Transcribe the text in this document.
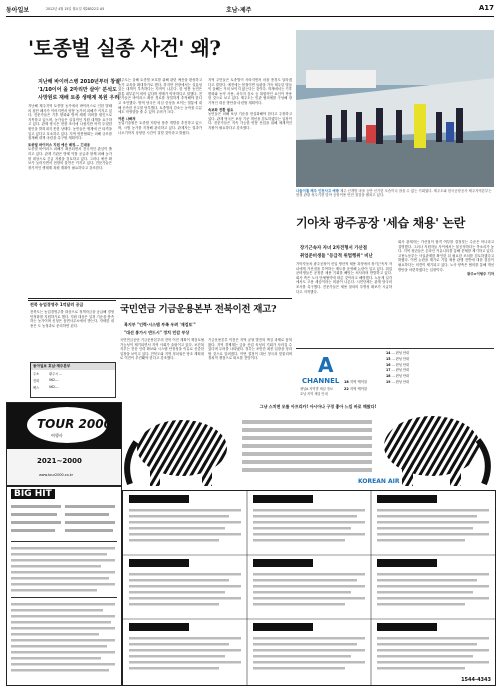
동아일보	2012년 4월 15일 월요일 제28522호 A5	호남·제주	A17
'토종벌 실종 사건' 왜?
지난해 바이러스병 2010년부터 창궐
'1/10이어 올 2마리만 살아' 분석도
사망원로 재배 토종 생태계 복원 우려

지난해 제주지역 토종벌 농가에서 바이러스로 인한 벌떼의 집단 폐사가 이어지면서 양봉 농가의 피해가 커지고 있다. 전문가들은 기후 변화와 방역 체계 미비를 원인으로 지목하고 있으며, 농가들은 실질적인 지원 대책을 요구하고 있다. 관계 당국은 현장 조사에 나섰지만 아직 뚜렷한 원인을 밝혀내지 못한 상태다. 농민들은 생계에 큰 타격을 입고 있다고 호소하고 있다. 지역 양봉협회는 피해 규모를 집계해 대책 마련을 촉구할 계획이다.

토종벌 바이러스 지원 예산 배정... 긴대응

토종벌 바이러스 피해가 확산되면서 전국적인 관심이 쏠리고 있다. 관계 기관은 방제 약품 공급과 함께 피해 농가를 대상으로 긴급 지원을 검토하고 있다. 그러나 예산 확보가 늦어지면서 현장의 불만은 커지고 있다. 전문가들은 장기적인 생태계 복원 계획이 필요하다고 강조한다.

제주도는 올해 토종벌 보호를 위해 관련 예산을 편성하고 농가 교육을 확대하기로 했다. 하지만 현장에서는 실효성 있는 대책이 부족하다는 지적이 나온다. 한 양봉 농민은 벌통 대부분이 비어 있다며 생계가 막막하다고 말했다. 전문가들은 바이러스 확산 경로를 정밀하게 추적해야 한다고 조언했다. 방역 당국은 의심 증상을 보이는 벌통에 대해 신속한 신고를 당부했다. 토종벌의 감소는 농작물 수분에도 악영향을 줄 수 있어 우려가 크다.

여론 나빠져

농업기술원은 토종벌 저항성 품종 개발을 추진하고 있으며, 시범 농가를 지정해 관리하고 있다. 관계자는 결과가 나오기까지 상당한 시간이 걸릴 것이라고 밝혔다.

지역 주민들은 토종벌이 사라지면서 마을 풍경도 달라졌다고 말한다. 예전에는 봄철이면 들판을 가득 채우던 벌들이 올해는 거의 보이지 않는다는 것이다. 학계에서는 기후 변화와 농약 사용, 서식지 감소 등 복합적인 요인이 작용한 것으로 보고 있다. 제주도는 민관 협의체를 구성해 장기적인 대응 방안을 마련할 계획이다.

속보화 전환 필요

농민들은 피해 보상 기준을 현실화해야 한다고 주장하고 있다. 관계 당국은 보상 기준 개선을 검토하겠다는 입장이다. 전문가들은 지속 가능한 양봉 산업을 위해 체계적인 지원이 필요하다고 강조했다.

나들이철 제주 인천사고 예방 제주 신개발 마을 등반 신기한 모습이나 참을 수 없는 기회였다. 제주도와 한국공항공사 제주지역본부는 봄철 관광 성수기를 맞아 공항이용 안전 점검을 펼치고 있다.
기아차 광주공장 '세습 채용' 논란
장기근속자 자녀 2차전형서 가산점
취업준비생들 "등급적 위법행위" 비난

기아자동차 광주공장이 신입 생산직 채용 과정에서 장기근속자 자녀에게 가산점을 부여하는 제도를 운영해 논란이 일고 있다. 취업준비생들은 공정한 채용 기회를 빼앗는 처사라며 반발하고 있다. 회사 측은 노사 단체협약에 따른 것이라고 해명했다. 노동계 일각에서도 고용 세습이라는 비판이 나온다. 시민단체는 관계 당국의 조사를 촉구했다. 전문가들은 채용 절차의 투명성 확보가 시급하다고 지적했다.

회사 관계자는 가산점이 합격 여부를 결정짓는 수준은 아니라고 설명했다. 그러나 지원자들 사이에서는 불공정하다는 목소리가 높다. 지역 청년들은 온라인 커뮤니티를 통해 문제를 제기하고 있다. 고용노동부는 사실관계를 확인한 뒤 필요한 조치를 검토하겠다고 밝혔다. 이번 논란을 계기로 기업 채용 관행 전반에 대한 점검이 필요하다는 의견이 제기되고 있다. 노사 양측은 협의를 통해 개선 방안을 마련하겠다는 입장이다.

광주=이형주 기자

전북 농업경영주 1억달러 공급

전북도는 농업경영주를 대상으로 정책자금을 공급해 경영 안정화를 지원하기로 했다. 지원 대상은 일정 기준을 충족하는 농가이며 신청은 읍면사무소에서 받는다. 자세한 내용은 도 농정과로 문의하면 된다.

동아일보 호남·제주본부
주소	광주시 ...
전화	062-...
팩스	062-...
국민연금 기금운용본부 전북이전 재고?
복지부 "인력·시스템 부족 우려 '재검토'"
"대선 통가시 반드시" 정치 민감 부상

국민연금공단 기금운용본부의 전북 이전 계획이 재검토될 가능성이 제기되면서 지역 사회가 술렁이고 있다. 보건복지부는 전문 인력 확보와 시스템 안정성을 이유로 신중한 입장을 보이고 있다. 전북도와 지역 정치권은 당초 계획대로 이전이 추진돼야 한다고 강조했다.

기금운용본부 이전은 지역 균형 발전의 핵심 과제로 꼽혀 왔다. 지역 경제계는 금융 산업 육성의 기회가 사라질 수 있다며 우려를 나타냈다. 정부는 조만간 최종 입장을 정리할 것으로 알려졌다. 이번 결정이 대선 정국과 맞물리며 정치적 쟁점으로 떠오를 전망이다.	A
CHANNEL
채널A 지역별 채널 정보
호남 지역 채널 안내
14 … 편성 안내
15 … 편성 안내
16 … 편성 안내
17 … 편성 안내
18 … 편성 안내
19 … 편성 안내
18 지역 케이블
22 지역 케이블
TOUR 2000
여행사
2021~2000
www.tour2000.co.kr
그냥 스치면 모를 아프리카! 아시아나 구경 좋아 느낌 바로 해왔다!
KOREAN AIR
BIG HIT
1544-4343
